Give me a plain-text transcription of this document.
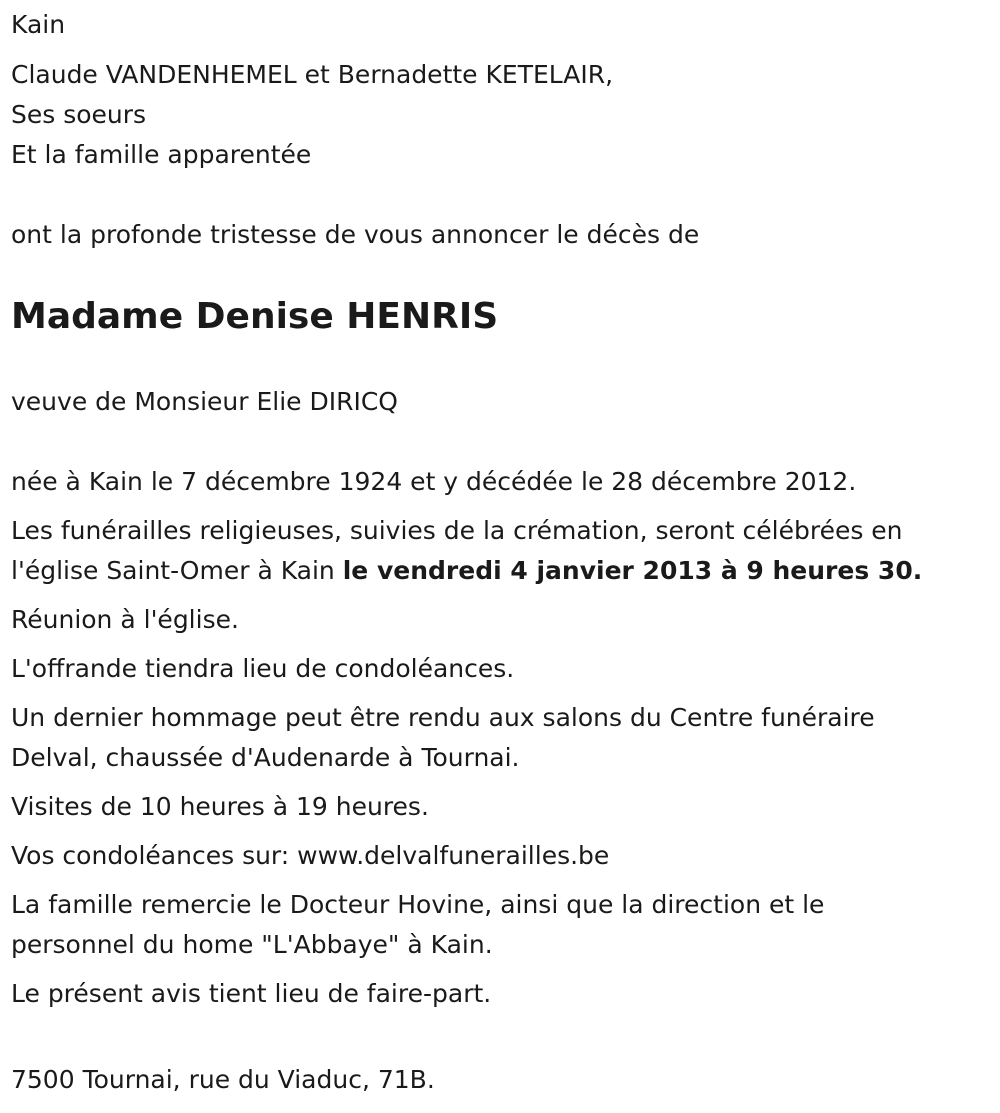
Kain

Claude VANDENHEMEL et Bernadette KETELAIR,

Ses soeurs

Et la famille apparentée

ont la profonde tristesse de vous annoncer le décès de

Madame Denise HENRIS

veuve de Monsieur Elie DIRICQ

née à Kain le 7 décembre 1924 et y décédée le 28 décembre 2012.

Les funérailles religieuses, suivies de la crémation, seront célébrées en
l'église Saint-Omer à Kain le vendredi 4 janvier 2013 à 9 heures 30.

Réunion à l'église.

L'offrande tiendra lieu de condoléances.

Un dernier hommage peut être rendu aux salons du Centre funéraire
Delval, chaussée d'Audenarde à Tournai.

Visites de 10 heures à 19 heures.

Vos condoléances sur: www.delvalfunerailles.be

La famille remercie le Docteur Hovine, ainsi que la direction et le
personnel du home "L'Abbaye" à Kain.

Le présent avis tient lieu de faire-part.

7500 Tournai, rue du Viaduc, 71B.
